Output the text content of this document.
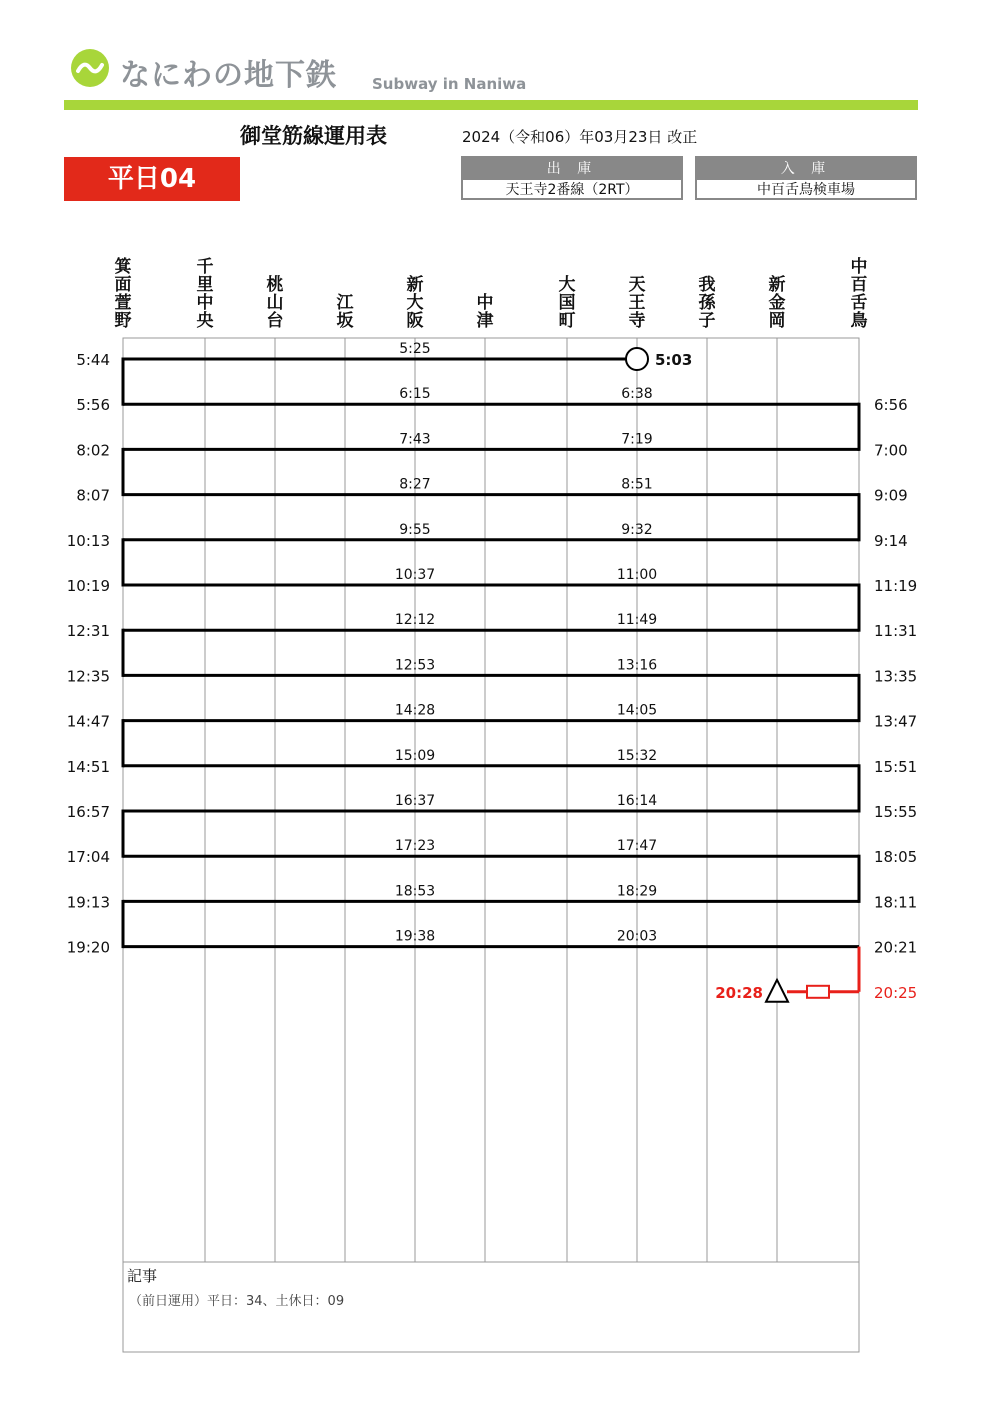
なにわの地下鉄 Subway in Naniwa
御堂筋線運用表	2024（令和06）年03月23日 改正
平日04	出 庫
天王寺2番線（2RT）
入 庫
中百舌鳥検車場
箕面萱野
千里中央
桃山台
江坂
新大阪
中津
大国町
天王寺
我孫子
新金岡
中百舌鳥
5:03
5:25
5:44
6:15	6:38
5:56
7:43	7:19
8:02
8:27	8:51
8:07
9:55	9:32
10:13
10:37	11:00
10:19
12:12	11:49
12:31
12:53	13:16
12:35
14:28	14:05
14:47
15:09	15:32
14:51
16:37	16:14
16:57
17:23	17:47
17:04
18:53	18:29
19:13
19:38	20:03
19:20
6:56
7:00
9:09
9:14
11:19
11:31
13:35
13:47
15:51
15:55
18:05
18:11
20:21
20:25
20:28
記事
（前日運用）平日：34、土休日：09
